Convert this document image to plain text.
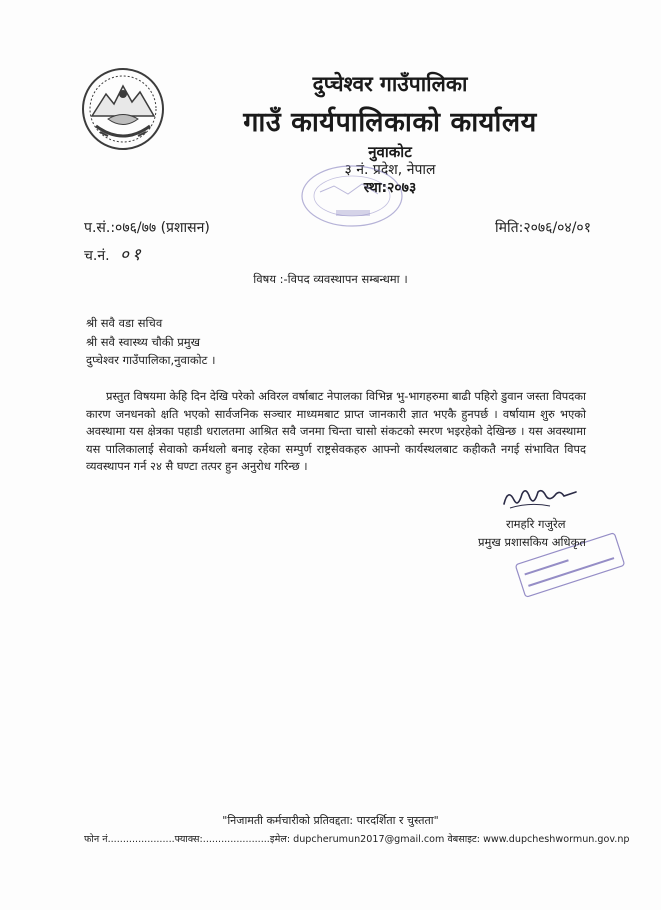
दुप्चेश्वर गाउँपालिका
गाउँ कार्यपालिकाको कार्यालय
नुवाकोट
३ नं. प्रदेश, नेपाल
स्था:२०७३
प.सं.:०७६/७७ (प्रशासन)
च.नं. ०१
मिति:२०७६/०४/०१
विषय :-विपद व्यवस्थापन सम्बन्धमा ।
श्री सवै वडा सचिव
श्री सवै स्वास्थ्य चौकी प्रमुख
दुप्चेश्वर गाउँपालिका,नुवाकोट ।
प्रस्तुत विषयमा केहि दिन देखि परेको अविरल वर्षाबाट नेपालका विभिन्न भु-भागहरुमा बाढी पहिरो डुवान जस्ता विपदका कारण जनधनको क्षति भएको सार्वजनिक सञ्चार माध्यमबाट प्राप्त जानकारी ज्ञात भएकै हुनपर्छ । वर्षायाम शुरु भएको अवस्थामा यस क्षेत्रका पहाडी धरालतमा आश्रित सवै जनमा चिन्ता चासो संकटको स्मरण भइरहेको देखिन्छ । यस अवस्थामा यस पालिकालाई सेवाको कर्मथलो बनाइ रहेका सम्पुर्ण राष्ट्रसेवकहरु आफ्नो कार्यस्थलबाट कहीकतै नगई संभावित विपद व्यवस्थापन गर्न २४ सै घण्टा तत्पर हुन अनुरोध गरिन्छ ।
रामहरि गजुरेल
प्रमुख प्रशासकिय अधिकृत
"निजामती कर्मचारीको प्रतिवद्दता: पारदर्शिता र चुस्तता"
फोन नं......................फ्याक्स:......................इमेल: dupcherumun2017@gmail.com वेबसाइट: www.dupcheshwormun.gov.np
